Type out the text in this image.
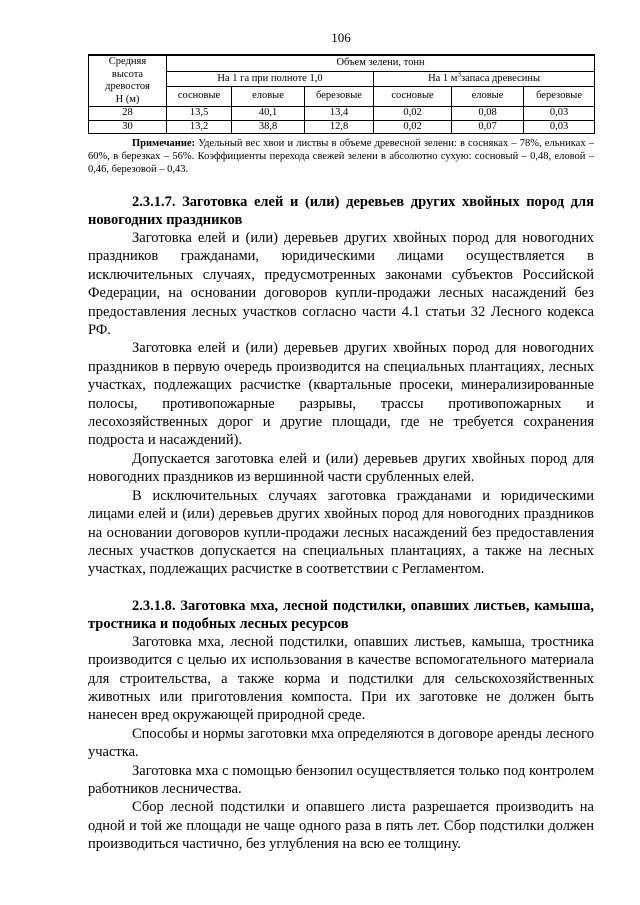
106
Средняя
высота
древостоя
Н (м)	Объем зелени, тонн					
	На 1 га при полноте 1,0			На 1 $м^3запаса$ древесины		
	сосновые	еловые	березовые	сосновые	еловые	березовые
28	13,5	40,1	13,4	0,02	0,08	0,03
30	13,2	38,8	12,8	0,02	0,07	0,03
Примечание: Удельный вес хвои и листвы в объеме древесной зелени: в сосняках – 78%, ельниках – 60%, в березках – 56%. Коэффициенты перехода свежей зелени в абсолютно сухую: сосновый – 0,48, еловой – 0,46, березовой – 0,43.

2.3.1.7. Заготовка елей и (или) деревьев других хвойных пород для новогодних праздников

Заготовка елей и (или) деревьев других хвойных пород для новогодних праздников гражданами, юридическими лицами осуществляется в исключительных случаях, предусмотренных законами субъектов Российской Федерации, на основании договоров купли-продажи лесных насаждений без предоставления лесных участков согласно части 4.1 статьи 32 Лесного кодекса РФ.

Заготовка елей и (или) деревьев других хвойных пород для новогодних праздников в первую очередь производится на специальных плантациях, лесных участках, подлежащих расчистке (квартальные просеки, минерализированные полосы, противопожарные разрывы, трассы противопожарных и лесохозяйственных дорог и другие площади, где не требуется сохранения подроста и насаждений).

Допускается заготовка елей и (или) деревьев других хвойных пород для новогодних праздников из вершинной части срубленных елей.

В исключительных случаях заготовка гражданами и юридическими лицами елей и (или) деревьев других хвойных пород для новогодних праздников на основании договоров купли-продажи лесных насаждений без предоставления лесных участков допускается на специальных плантациях, а также на лесных участках, подлежащих расчистке в соответствии с Регламентом.

2.3.1.8. Заготовка мха, лесной подстилки, опавших листьев, камыша, тростника и подобных лесных ресурсов

Заготовка мха, лесной подстилки, опавших листьев, камыша, тростника производится с целью их использования в качестве вспомогательного материала для строительства, а также корма и подстилки для сельскохозяйственных животных или приготовления компоста. При их заготовке не должен быть нанесен вред окружающей природной среде.

Способы и нормы заготовки мха определяются в договоре аренды лесного участка.

Заготовка мха с помощью бензопил осуществляется только под контролем работников лесничества.

Сбор лесной подстилки и опавшего листа разрешается производить на одной и той же площади не чаще одного раза в пять лет. Сбор подстилки должен производиться частично, без углубления на всю ее толщину.
